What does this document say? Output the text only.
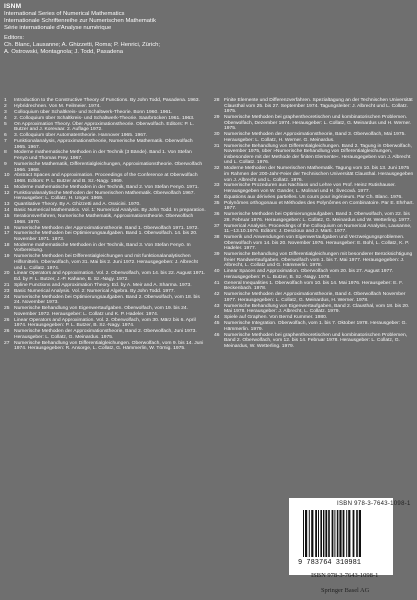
ISNM
International Series of Numerical Mathematics
Internationale Schriftenreihe zur Numerischen Mathematik
Série internationale d'Analyse numérique
Editors:
Ch. Blanc, Lausanne; A. Ghizzetti, Roma; P. Henrici, Zürich;
A. Ostrowski, Montagnola; J. Todd, Pasadena
1	Introduction to the Constructive Theory of Functions. By John Todd, Pasadena. 1963.
2	Hybridrechnen. Von M. Feilmeier. 1974.
3	Colloquium über Schaltkreis- und Schaltwerk-Theorie. Bonn 1960. 1961.
4	2. Colloquium über Schaltkreis- und Schaltwerk-Theorie. Saarbrücken 1961. 1963.
5	On Approximation Theory. Über Approximationstheorie. Oberwolfach. Editors: P. L. Butzer and J. Korevaar. 2. Auflage 1972.
6	3. Colloquium über Automatentheorie. Hannover 1965. 1967.
7	Funktionalanalysis, Approximationstheorie, Numerische Mathematik. Oberwolfach 1965. 1967.
8	Moderne mathematische Methoden in der Technik (3 Bände). Band 1. Von Stefan Fenyö und Thomas Frey. 1967.
9	Numerische Mathematik, Differentialgleichungen, Approximationstheorie. Oberwolfach 1966. 1968.
10 Abstract Spaces and Approximation. Proceedings of the Conference at Oberwolfach 1968. Editors: P. L. Butzer and B. Sz.-Nagy. 1969.
11 Moderne mathematische Methoden in der Technik, Band 2. Von Stefan Fenyö. 1971.
12 Funktionalanalytische Methoden der Numerischen Mathematik. Oberwolfach 1967. Herausgeber: L. Collatz, H. Unger. 1969.
13 Quantitative Theory. By A. Ghizzetti and A. Ossicini. 1970.
14 Basic Numerical Mathematics. Vol. 1: Numerical Analysis. By John Todd. In preparation.
15 Iterationsverfahren, Numerische Mathematik, Approximationstheorie. Oberwolfach 1968. 1970.
16 Numerische Methoden der Approximationstheorie. Band 1. Oberwolfach 1971. 1972.
17 Numerische Methoden bei Optimierungsaufgaben. Band 1. Oberwolfach. 14. bis 20. November 1971. 1973.
18 Moderne mathematische Methoden in der Technik, Band 3. Von Stefan Fenyö. In Vorbereitung.
19 Numerische Methoden bei Differentialgleichungen und mit funktionalanalytischen Hilfsmitteln. Oberwolfach, vom 31. Mai bis 2. Juni 1972. Herausgegeben: J. Albrecht und L. Collatz. 1974.
20 Linear Operators and Approximation. Vol. 2. Oberwolfach, vom 14. bis 22. August 1971. Ed. by P. L. Butzer, J.-P. Kahane, B. Sz.-Nagy. 1972.
21 Spline Functions and Approximation Theory. Ed. by A. Meir and A. Sharma. 1973.
23 Basic Numerical Analysis. Vol. 2: Numerical Algebra. By John Todd. 1977.
24 Numerische Methoden bei Optimierungsaufgaben. Band 2. Oberwolfach, vom 18. bis 24. November 1973.
25 Numerische Behandlung von Eigenwertaufgaben. Oberwolfach, vom 19. bis 24. November 1972. Herausgeber: L. Collatz und K. P. Hadeler. 1974.
26 Linear Operators and Approximation. Vol. 2. Oberwolfach, vom 30. März bis 6. April 1974. Herausgegeben: P. L. Butzer, B. Sz.-Nagy. 1974.
26 Numerische Methoden der Approximationstheorie, Band 2. Oberwolfach, Juni 1973. Herausgeber: L. Collatz, G. Meinardus. 1975.
27 Numerische Behandlung von Differentialgleichungen. Oberwolfach, vom 9. bis 14. Juni 1974. Herausgegeben: R. Ansorge, L. Collatz, G. Hämmerlin, W. Törnig. 1975.
28 Finite Elemente und Differenzverfahren. Spezialtagung an der Technischen Universität Clausthal vom 25. bis 27. September 1974. Tagungsleiter: J. Albrecht und L. Collatz. 1975.
29 Numerische Methoden bei graphentheoretischen und kombinatorischen Problemen. Oberwolfach, Dezember 1974. Herausgeber: L. Collatz, G. Meinardus und H. Werner. 1975.
30 Numerische Methoden der Approximationstheorie, Band 3. Oberwolfach, Mai 1975. Herausgeber: L. Collatz, H. Werner. G. Meinardus.
31 Numerische Behandlung von Differentialgleichungen. Band 2. Tagung in Oberwolfach, November 1975, über »Numerische Behandlung von Differentialgleichungen, insbesondere mit der Methode der finiten Elemente«. Herausgegeben von J. Albrecht und L. Collatz. 1976.
32 Moderne Methoden der Numerischen Mathematik. Tagung vom 10. bis 13. Juni 1975 im Rahmen der 200-Jahr-Feier der Technischen Universität Clausthal. Herausgegeben von J. Albrecht und L. Collatz. 1976.
33 Numerische Prozeduren aus Nachlass und Lehre von Prof. Heinz Rutishauser. Herausgegeben von W. Gander, L. Molinari und H. Švecová. 1977.
34 Équations aux dérivées partielles. Un cours pour ingénieurs. Par Ch. Blanc. 1976.
35 Polynômes orthogonaux et Méthodes des Polynômes en Combinatoire. Par E. Ehrhart. 1977.
36 Numerische Methoden bei Optimierungsaufgaben. Band 3. Oberwolfach, vom 22. bis 28. Februar 1976. Herausgegeben: L. Collatz, G. Meinardus und W. Wetterling. 1977.
37 Numerical Analysis. Proceedings of the Colloquium on Numerical Analysis, Lausanne, 11.–13.10.1976. Editors: J. Descloux and J. Marti. 1977.
38 Numerik und Anwendungen von Eigenwertaufgaben und Verzweigungsproblemen. Oberwolfach vom 14. bis 20. November 1976. Herausgeber: E. Bohl, L. Collatz, K. P. Hadeler. 1977.
39 Numerische Behandlung von Differentialgleichungen mit besonderer Berücksichtigung freier Randwertaufgaben. Oberwolfach vom 1. bis 7. Mai 1977. Herausgegeben: J. Albrecht, L. Collatz und G. Hämmerlin. 1978.
40 Linear Spaces and Approximation. Oberwolfach vom 20. bis 27. August 1977. Herausgegeben: P. L. Butzer, B. Sz.-Nagy. 1978.
41 General Inequalities 1. Oberwolfach vom 10. bis 14. Mai 1976. Herausgeber: E. F. Beckenbach. 1978.
42 Numerische Methoden der Approximationstheorie, Band 4. Oberwolfach November 1977. Herausgegeben: L. Collatz, G. Meinardus, H. Werner. 1978.
43 Numerische Behandlung von Eigenwertaufgaben, Band 2. Clausthal, vom 18. bis 20. Mai 1978. Herausgeber: J. Albrecht, L. Collatz. 1979.
44 Spiele auf Graphen. Von Bernd Kummer. 1980.
45 Numerische Integration. Oberwolfach, vom 1. bis 7. Oktober 1978. Herausgeber: G. Hämmerlin. 1979.
46 Numerische Methoden bei graphentheoretischen und kombinatorischen Problemen, Band 2. Oberwolfach, vom 12. bis 14. Februar 1978. Herausgeber: L. Collatz, G. Meinardus, W. Wetterling. 1979.
ISBN 978-3-7643-1098-1
9 783764 310981
ISBN 978-3-7643-1098-1
Springer Basel AG
